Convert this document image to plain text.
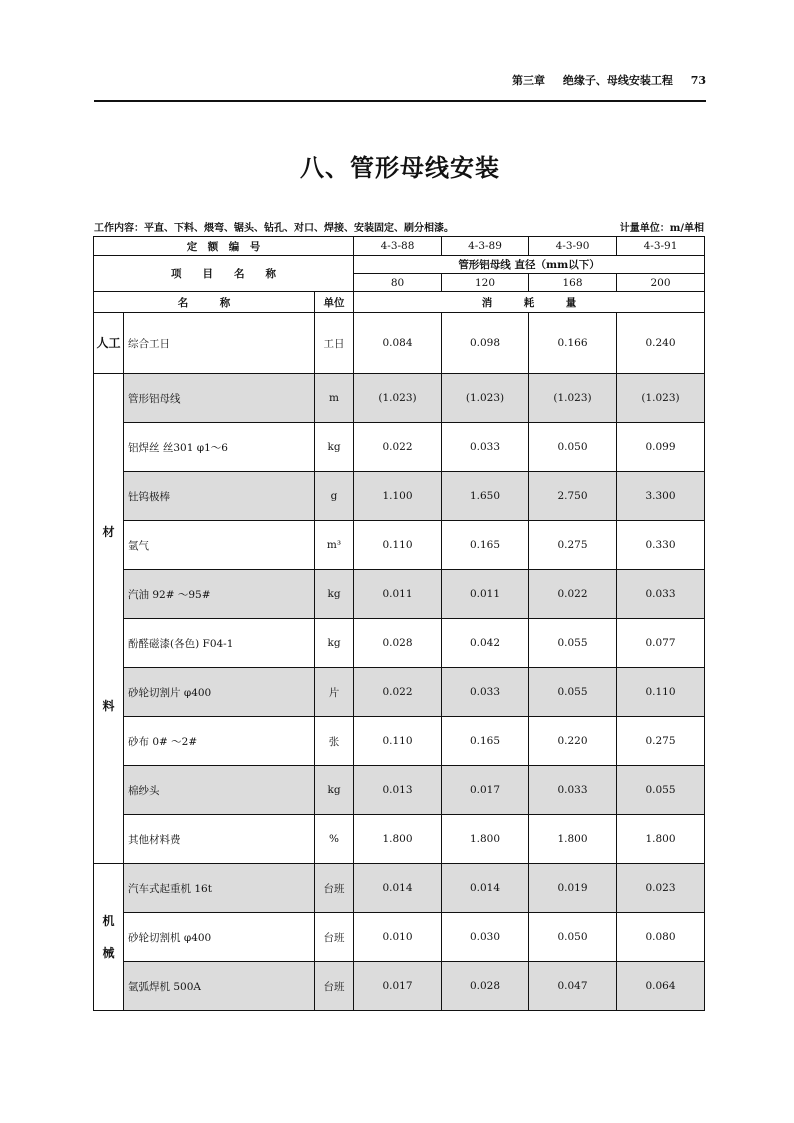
第三章 绝缘子、母线安装工程 73
八、管形母线安装
工作内容：平直、下料、煨弯、锯头、钻孔、对口、焊接、安装固定、刷分相漆。	计量单位：m/单相
定　额　编　号			4-3-88	4-3-89	4-3-90	4-3-91
项　　目　　名　　称			管形铝母线 直径（mm以下）			
			80	120	168	200
名　　　称		单位	消　　　耗　　　量			
人工	综合工日	工日	0.084	0.098	0.166	0.240

材
料	管形铝母线	m	(1.023)	(1.023)	(1.023)	(1.023)
	铝焊丝 丝301 φ1～6	kg	0.022	0.033	0.050	0.099
	钍钨极棒	g	1.100	1.650	2.750	3.300
	氩气	m³	0.110	0.165	0.275	0.330
	汽油 92# ～95#	kg	0.011	0.011	0.022	0.033
	酚醛磁漆(各色) F04-1	kg	0.028	0.042	0.055	0.077
	砂轮切割片 φ400	片	0.022	0.033	0.055	0.110
	砂布 0# ～2#	张	0.110	0.165	0.220	0.275
	棉纱头	kg	0.013	0.017	0.033	0.055
	其他材料费	%	1.800	1.800	1.800	1.800

机
械	汽车式起重机 16t	台班	0.014	0.014	0.019	0.023
	砂轮切割机 φ400	台班	0.010	0.030	0.050	0.080
	氩弧焊机 500A	台班	0.017	0.028	0.047	0.064
